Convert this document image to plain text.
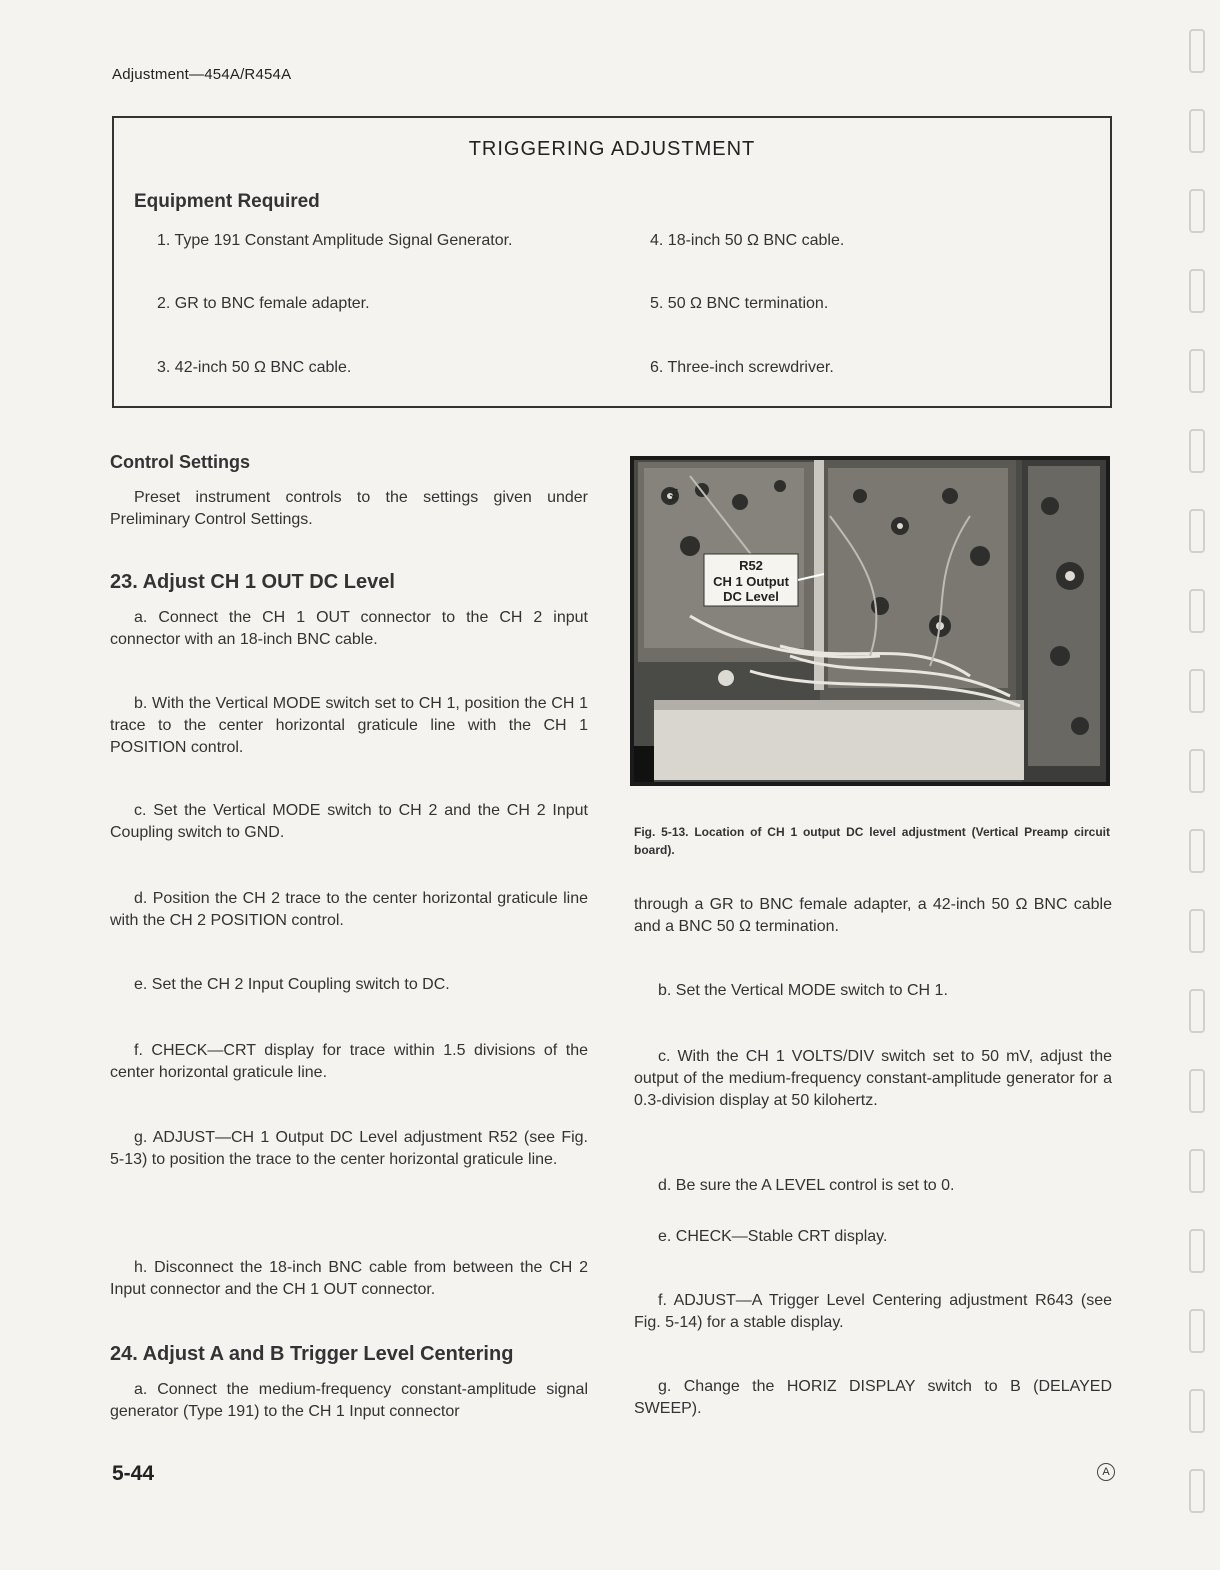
Adjustment—454A/R454A
TRIGGERING ADJUSTMENT
Equipment Required
1. Type 191 Constant Amplitude Signal Generator.
2. GR to BNC female adapter.
3. 42-inch 50 Ω BNC cable.
4. 18-inch 50 Ω BNC cable.
5. 50 Ω BNC termination.
6. Three-inch screwdriver.
Control Settings

Preset instrument controls to the settings given under Preliminary Control Settings.

23. Adjust CH 1 OUT DC Level

a. Connect the CH 1 OUT connector to the CH 2 input connector with an 18-inch BNC cable.

b. With the Vertical MODE switch set to CH 1, position the CH 1 trace to the center horizontal graticule line with the CH 1 POSITION control.

c. Set the Vertical MODE switch to CH 2 and the CH 2 Input Coupling switch to GND.

d. Position the CH 2 trace to the center horizontal graticule line with the CH 2 POSITION control.

e. Set the CH 2 Input Coupling switch to DC.

f. CHECK—CRT display for trace within 1.5 divisions of the center horizontal graticule line.

g. ADJUST—CH 1 Output DC Level adjustment R52 (see Fig. 5-13) to position the trace to the center horizontal graticule line.

h. Disconnect the 18-inch BNC cable from between the CH 2 Input connector and the CH 1 OUT connector.

24. Adjust A and B Trigger Level Centering

a. Connect the medium-frequency constant-amplitude signal generator (Type 191) to the CH 1 Input connector

PA
R52
CH 1 Output
DC Level
Fig. 5-13. Location of CH 1 output DC level adjustment (Vertical Preamp circuit board).

through a GR to BNC female adapter, a 42-inch 50 Ω BNC cable and a BNC 50 Ω termination.

b. Set the Vertical MODE switch to CH 1.

c. With the CH 1 VOLTS/DIV switch set to 50 mV, adjust the output of the medium-frequency constant-amplitude generator for a 0.3-division display at 50 kilohertz.

d. Be sure the A LEVEL control is set to 0.

e. CHECK—Stable CRT display.

f. ADJUST—A Trigger Level Centering adjustment R643 (see Fig. 5-14) for a stable display.

g. Change the HORIZ DISPLAY switch to B (DELAYED SWEEP).

5-44	A
